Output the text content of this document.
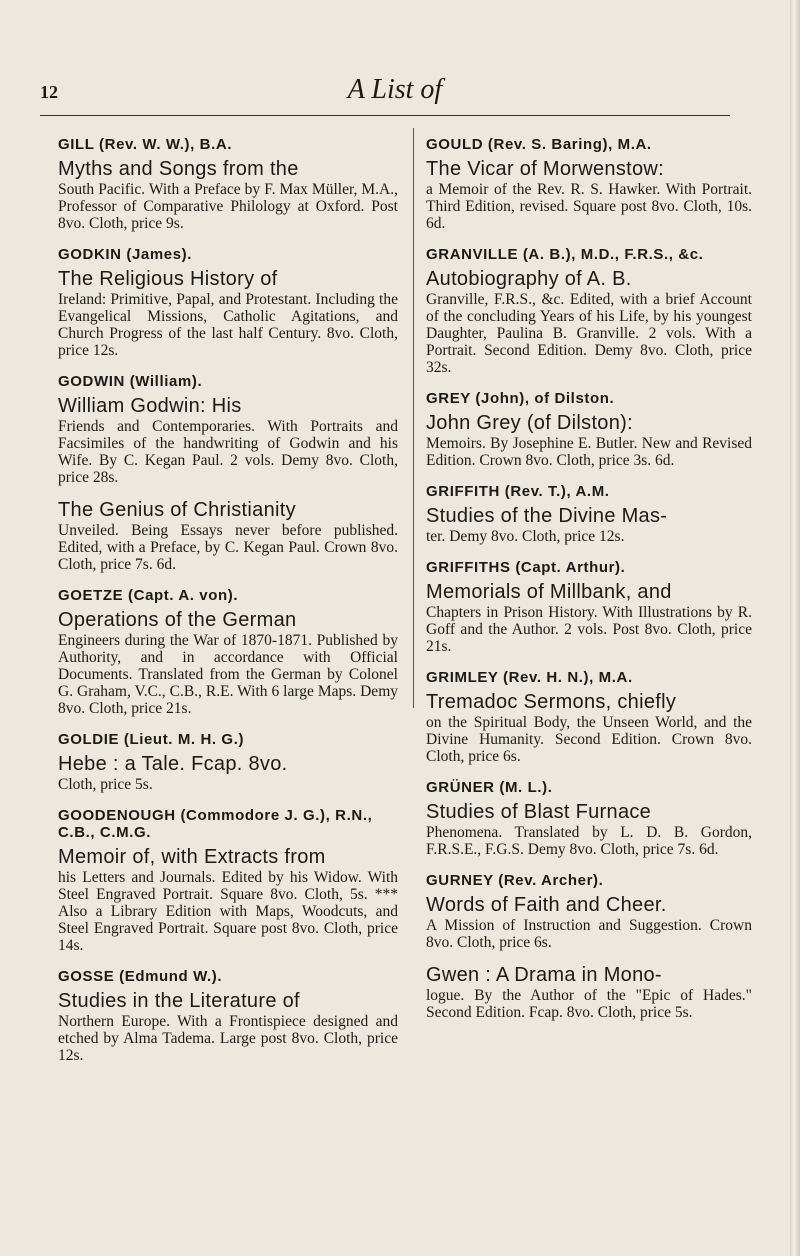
12	A List of
GILL (Rev. W. W.), B.A.
Myths and Songs from the
South Pacific. With a Preface by F. Max Müller, M.A., Professor of Comparative Philology at Oxford. Post 8vo. Cloth, price 9s.
GODKIN (James).
The Religious History of
Ireland: Primitive, Papal, and Protestant. Including the Evangelical Missions, Catholic Agitations, and Church Progress of the last half Century. 8vo. Cloth, price 12s.
GODWIN (William).
William Godwin: His
Friends and Contemporaries. With Portraits and Facsimiles of the handwriting of Godwin and his Wife. By C. Kegan Paul. 2 vols. Demy 8vo. Cloth, price 28s.
The Genius of Christianity
Unveiled. Being Essays never before published. Edited, with a Preface, by C. Kegan Paul. Crown 8vo. Cloth, price 7s. 6d.
GOETZE (Capt. A. von).
Operations of the German
Engineers during the War of 1870-1871. Published by Authority, and in accordance with Official Documents. Translated from the German by Colonel G. Graham, V.C., C.B., R.E. With 6 large Maps. Demy 8vo. Cloth, price 21s.
GOLDIE (Lieut. M. H. G.)
Hebe : a Tale. Fcap. 8vo.
Cloth, price 5s.
GOODENOUGH (Commodore J. G.), R.N., C.B., C.M.G.
Memoir of, with Extracts from
his Letters and Journals. Edited by his Widow. With Steel Engraved Portrait. Square 8vo. Cloth, 5s. *** Also a Library Edition with Maps, Woodcuts, and Steel Engraved Portrait. Square post 8vo. Cloth, price 14s.
GOSSE (Edmund W.).
Studies in the Literature of
Northern Europe. With a Frontispiece designed and etched by Alma Tadema. Large post 8vo. Cloth, price 12s.
GOULD (Rev. S. Baring), M.A.
The Vicar of Morwenstow:
a Memoir of the Rev. R. S. Hawker. With Portrait. Third Edition, revised. Square post 8vo. Cloth, 10s. 6d.
GRANVILLE (A. B.), M.D., F.R.S., &c.
Autobiography of A. B.
Granville, F.R.S., &c. Edited, with a brief Account of the concluding Years of his Life, by his youngest Daughter, Paulina B. Granville. 2 vols. With a Portrait. Second Edition. Demy 8vo. Cloth, price 32s.
GREY (John), of Dilston.
John Grey (of Dilston):
Memoirs. By Josephine E. Butler. New and Revised Edition. Crown 8vo. Cloth, price 3s. 6d.
GRIFFITH (Rev. T.), A.M.
Studies of the Divine Mas-
ter. Demy 8vo. Cloth, price 12s.
GRIFFITHS (Capt. Arthur).
Memorials of Millbank, and
Chapters in Prison History. With Illustrations by R. Goff and the Author. 2 vols. Post 8vo. Cloth, price 21s.
GRIMLEY (Rev. H. N.), M.A.
Tremadoc Sermons, chiefly
on the Spiritual Body, the Unseen World, and the Divine Humanity. Second Edition. Crown 8vo. Cloth, price 6s.
GRÜNER (M. L.).
Studies of Blast Furnace
Phenomena. Translated by L. D. B. Gordon, F.R.S.E., F.G.S. Demy 8vo. Cloth, price 7s. 6d.
GURNEY (Rev. Archer).
Words of Faith and Cheer.
A Mission of Instruction and Suggestion. Crown 8vo. Cloth, price 6s.
Gwen : A Drama in Mono-
logue. By the Author of the "Epic of Hades." Second Edition. Fcap. 8vo. Cloth, price 5s.
